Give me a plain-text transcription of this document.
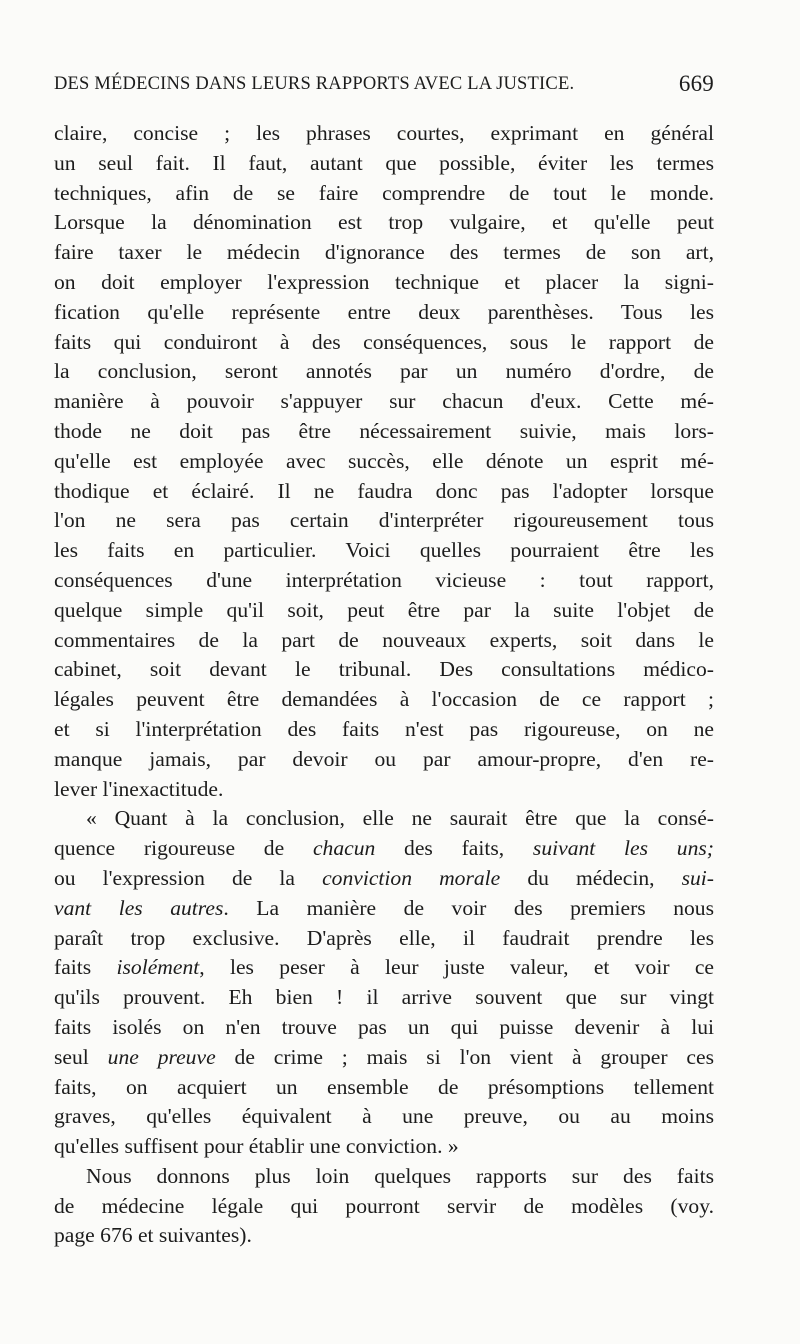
DES MÉDECINS DANS LEURS RAPPORTS AVEC LA JUSTICE.	669
claire, concise ; les phrases courtes, exprimant en général
un seul fait. Il faut, autant que possible, éviter les termes
techniques, afin de se faire comprendre de tout le monde.
Lorsque la dénomination est trop vulgaire, et qu'elle peut
faire taxer le médecin d'ignorance des termes de son art,
on doit employer l'expression technique et placer la signi-
fication qu'elle représente entre deux parenthèses. Tous les
faits qui conduiront à des conséquences, sous le rapport de
la conclusion, seront annotés par un numéro d'ordre, de
manière à pouvoir s'appuyer sur chacun d'eux. Cette mé-
thode ne doit pas être nécessairement suivie, mais lors-
qu'elle est employée avec succès, elle dénote un esprit mé-
thodique et éclairé. Il ne faudra donc pas l'adopter lorsque
l'on ne sera pas certain d'interpréter rigoureusement tous
les faits en particulier. Voici quelles pourraient être les
conséquences d'une interprétation vicieuse : tout rapport,
quelque simple qu'il soit, peut être par la suite l'objet de
commentaires de la part de nouveaux experts, soit dans le
cabinet, soit devant le tribunal. Des consultations médico-
légales peuvent être demandées à l'occasion de ce rapport ;
et si l'interprétation des faits n'est pas rigoureuse, on ne
manque jamais, par devoir ou par amour-propre, d'en re-
lever l'inexactitude.
« Quant à la conclusion, elle ne saurait être que la consé-
quence rigoureuse de chacun des faits, suivant les uns;
ou l'expression de la conviction morale du médecin, sui-
vant les autres. La manière de voir des premiers nous
paraît trop exclusive. D'après elle, il faudrait prendre les
faits isolément, les peser à leur juste valeur, et voir ce
qu'ils prouvent. Eh bien ! il arrive souvent que sur vingt
faits isolés on n'en trouve pas un qui puisse devenir à lui
seul une preuve de crime ; mais si l'on vient à grouper ces
faits, on acquiert un ensemble de présomptions tellement
graves, qu'elles équivalent à une preuve, ou au moins
qu'elles suffisent pour établir une conviction. »
Nous donnons plus loin quelques rapports sur des faits
de médecine légale qui pourront servir de modèles (voy.
page 676 et suivantes).
